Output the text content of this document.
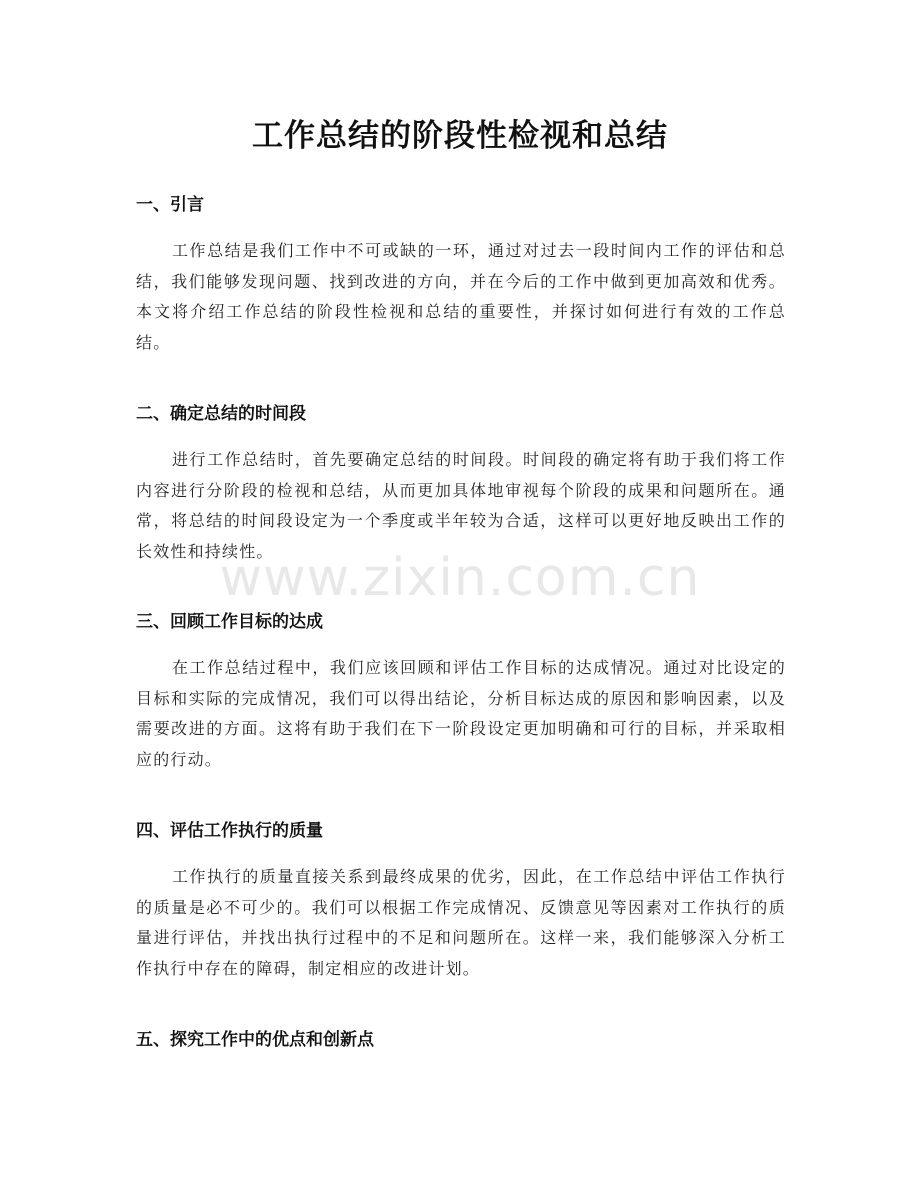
工作总结的阶段性检视和总结
一、引言

工作总结是我们工作中不可或缺的一环，通过对过去一段时间内工作的评估和总结，我们能够发现问题、找到改进的方向，并在今后的工作中做到更加高效和优秀。本文将介绍工作总结的阶段性检视和总结的重要性，并探讨如何进行有效的工作总结。

二、确定总结的时间段

进行工作总结时，首先要确定总结的时间段。时间段的确定将有助于我们将工作内容进行分阶段的检视和总结，从而更加具体地审视每个阶段的成果和问题所在。通常，将总结的时间段设定为一个季度或半年较为合适，这样可以更好地反映出工作的长效性和持续性。

三、回顾工作目标的达成

在工作总结过程中，我们应该回顾和评估工作目标的达成情况。通过对比设定的目标和实际的完成情况，我们可以得出结论，分析目标达成的原因和影响因素，以及需要改进的方面。这将有助于我们在下一阶段设定更加明确和可行的目标，并采取相应的行动。

四、评估工作执行的质量

工作执行的质量直接关系到最终成果的优劣，因此，在工作总结中评估工作执行的质量是必不可少的。我们可以根据工作完成情况、反馈意见等因素对工作执行的质量进行评估，并找出执行过程中的不足和问题所在。这样一来，我们能够深入分析工作执行中存在的障碍，制定相应的改进计划。

五、探究工作中的优点和创新点
www.zixin.com.cn
